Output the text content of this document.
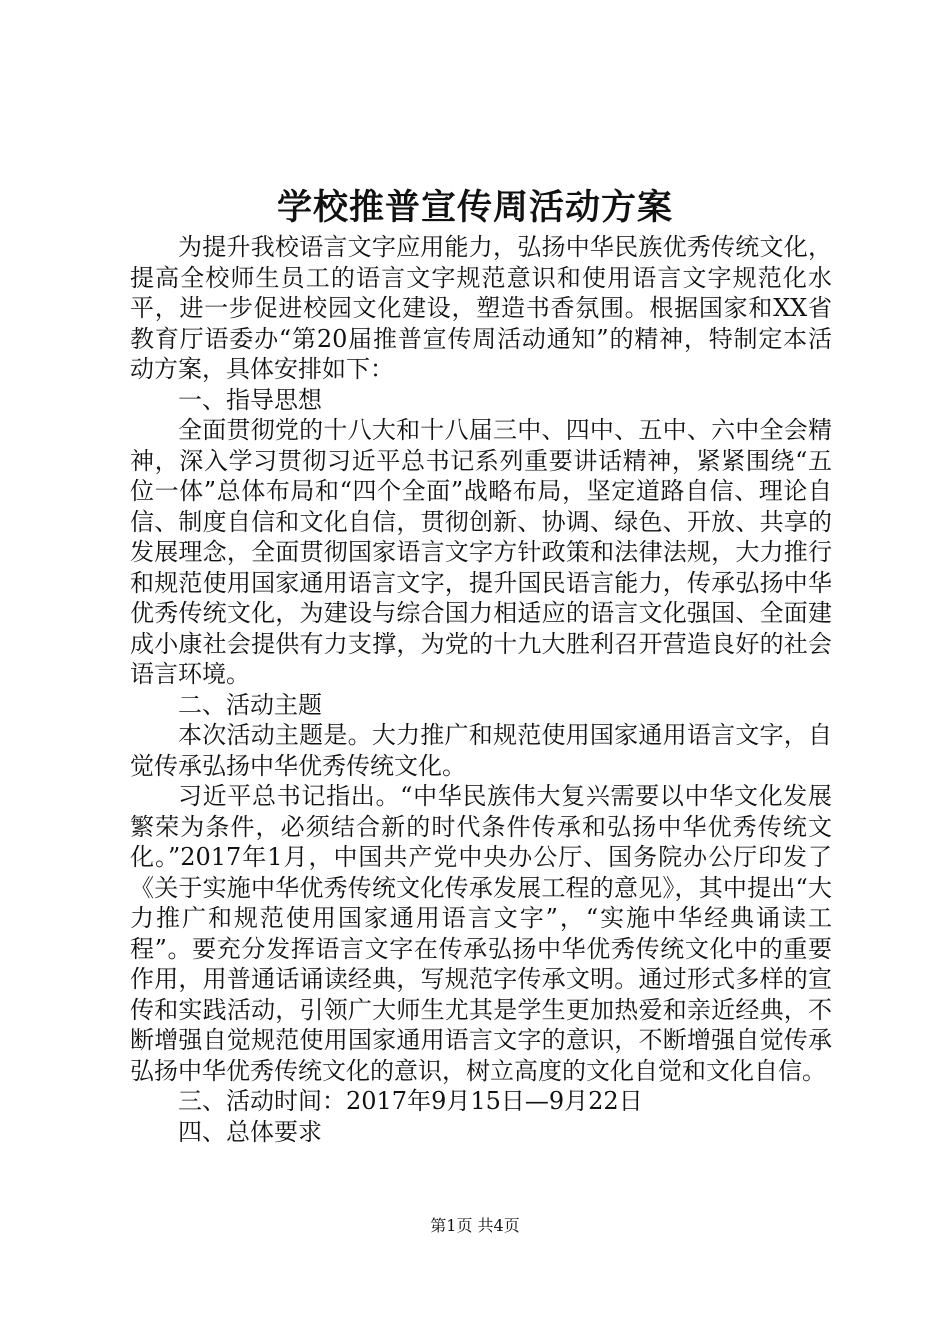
学校推普宣传周活动方案

为提升我校语言文字应用能力，弘扬中华民族优秀传统文化，提高全校师生员工的语言文字规范意识和使用语言文字规范化水平，进一步促进校园文化建设，塑造书香氛围。根据国家和XX省教育厅语委办“第20届推普宣传周活动通知”的精神，特制定本活动方案，具体安排如下：

一、指导思想

全面贯彻党的十八大和十八届三中、四中、五中、六中全会精神，深入学习贯彻习近平总书记系列重要讲话精神，紧紧围绕“五位一体”总体布局和“四个全面”战略布局，坚定道路自信、理论自信、制度自信和文化自信，贯彻创新、协调、绿色、开放、共享的发展理念，全面贯彻国家语言文字方针政策和法律法规，大力推行和规范使用国家通用语言文字，提升国民语言能力，传承弘扬中华优秀传统文化，为建设与综合国力相适应的语言文化强国、全面建成小康社会提供有力支撑，为党的十九大胜利召开营造良好的社会语言环境。

二、活动主题

本次活动主题是。大力推广和规范使用国家通用语言文字，自觉传承弘扬中华优秀传统文化。

习近平总书记指出。“中华民族伟大复兴需要以中华文化发展繁荣为条件，必须结合新的时代条件传承和弘扬中华优秀传统文化。”2017年1月，中国共产党中央办公厅、国务院办公厅印发了《关于实施中华优秀传统文化传承发展工程的意见》，其中提出“大力推广和规范使用国家通用语言文字”，“实施中华经典诵读工程”。要充分发挥语言文字在传承弘扬中华优秀传统文化中的重要作用，用普通话诵读经典，写规范字传承文明。通过形式多样的宣传和实践活动，引领广大师生尤其是学生更加热爱和亲近经典，不断增强自觉规范使用国家通用语言文字的意识，不断增强自觉传承弘扬中华优秀传统文化的意识，树立高度的文化自觉和文化自信。

三、活动时间：2017年9月15日—9月22日

四、总体要求

第1页 共4页
